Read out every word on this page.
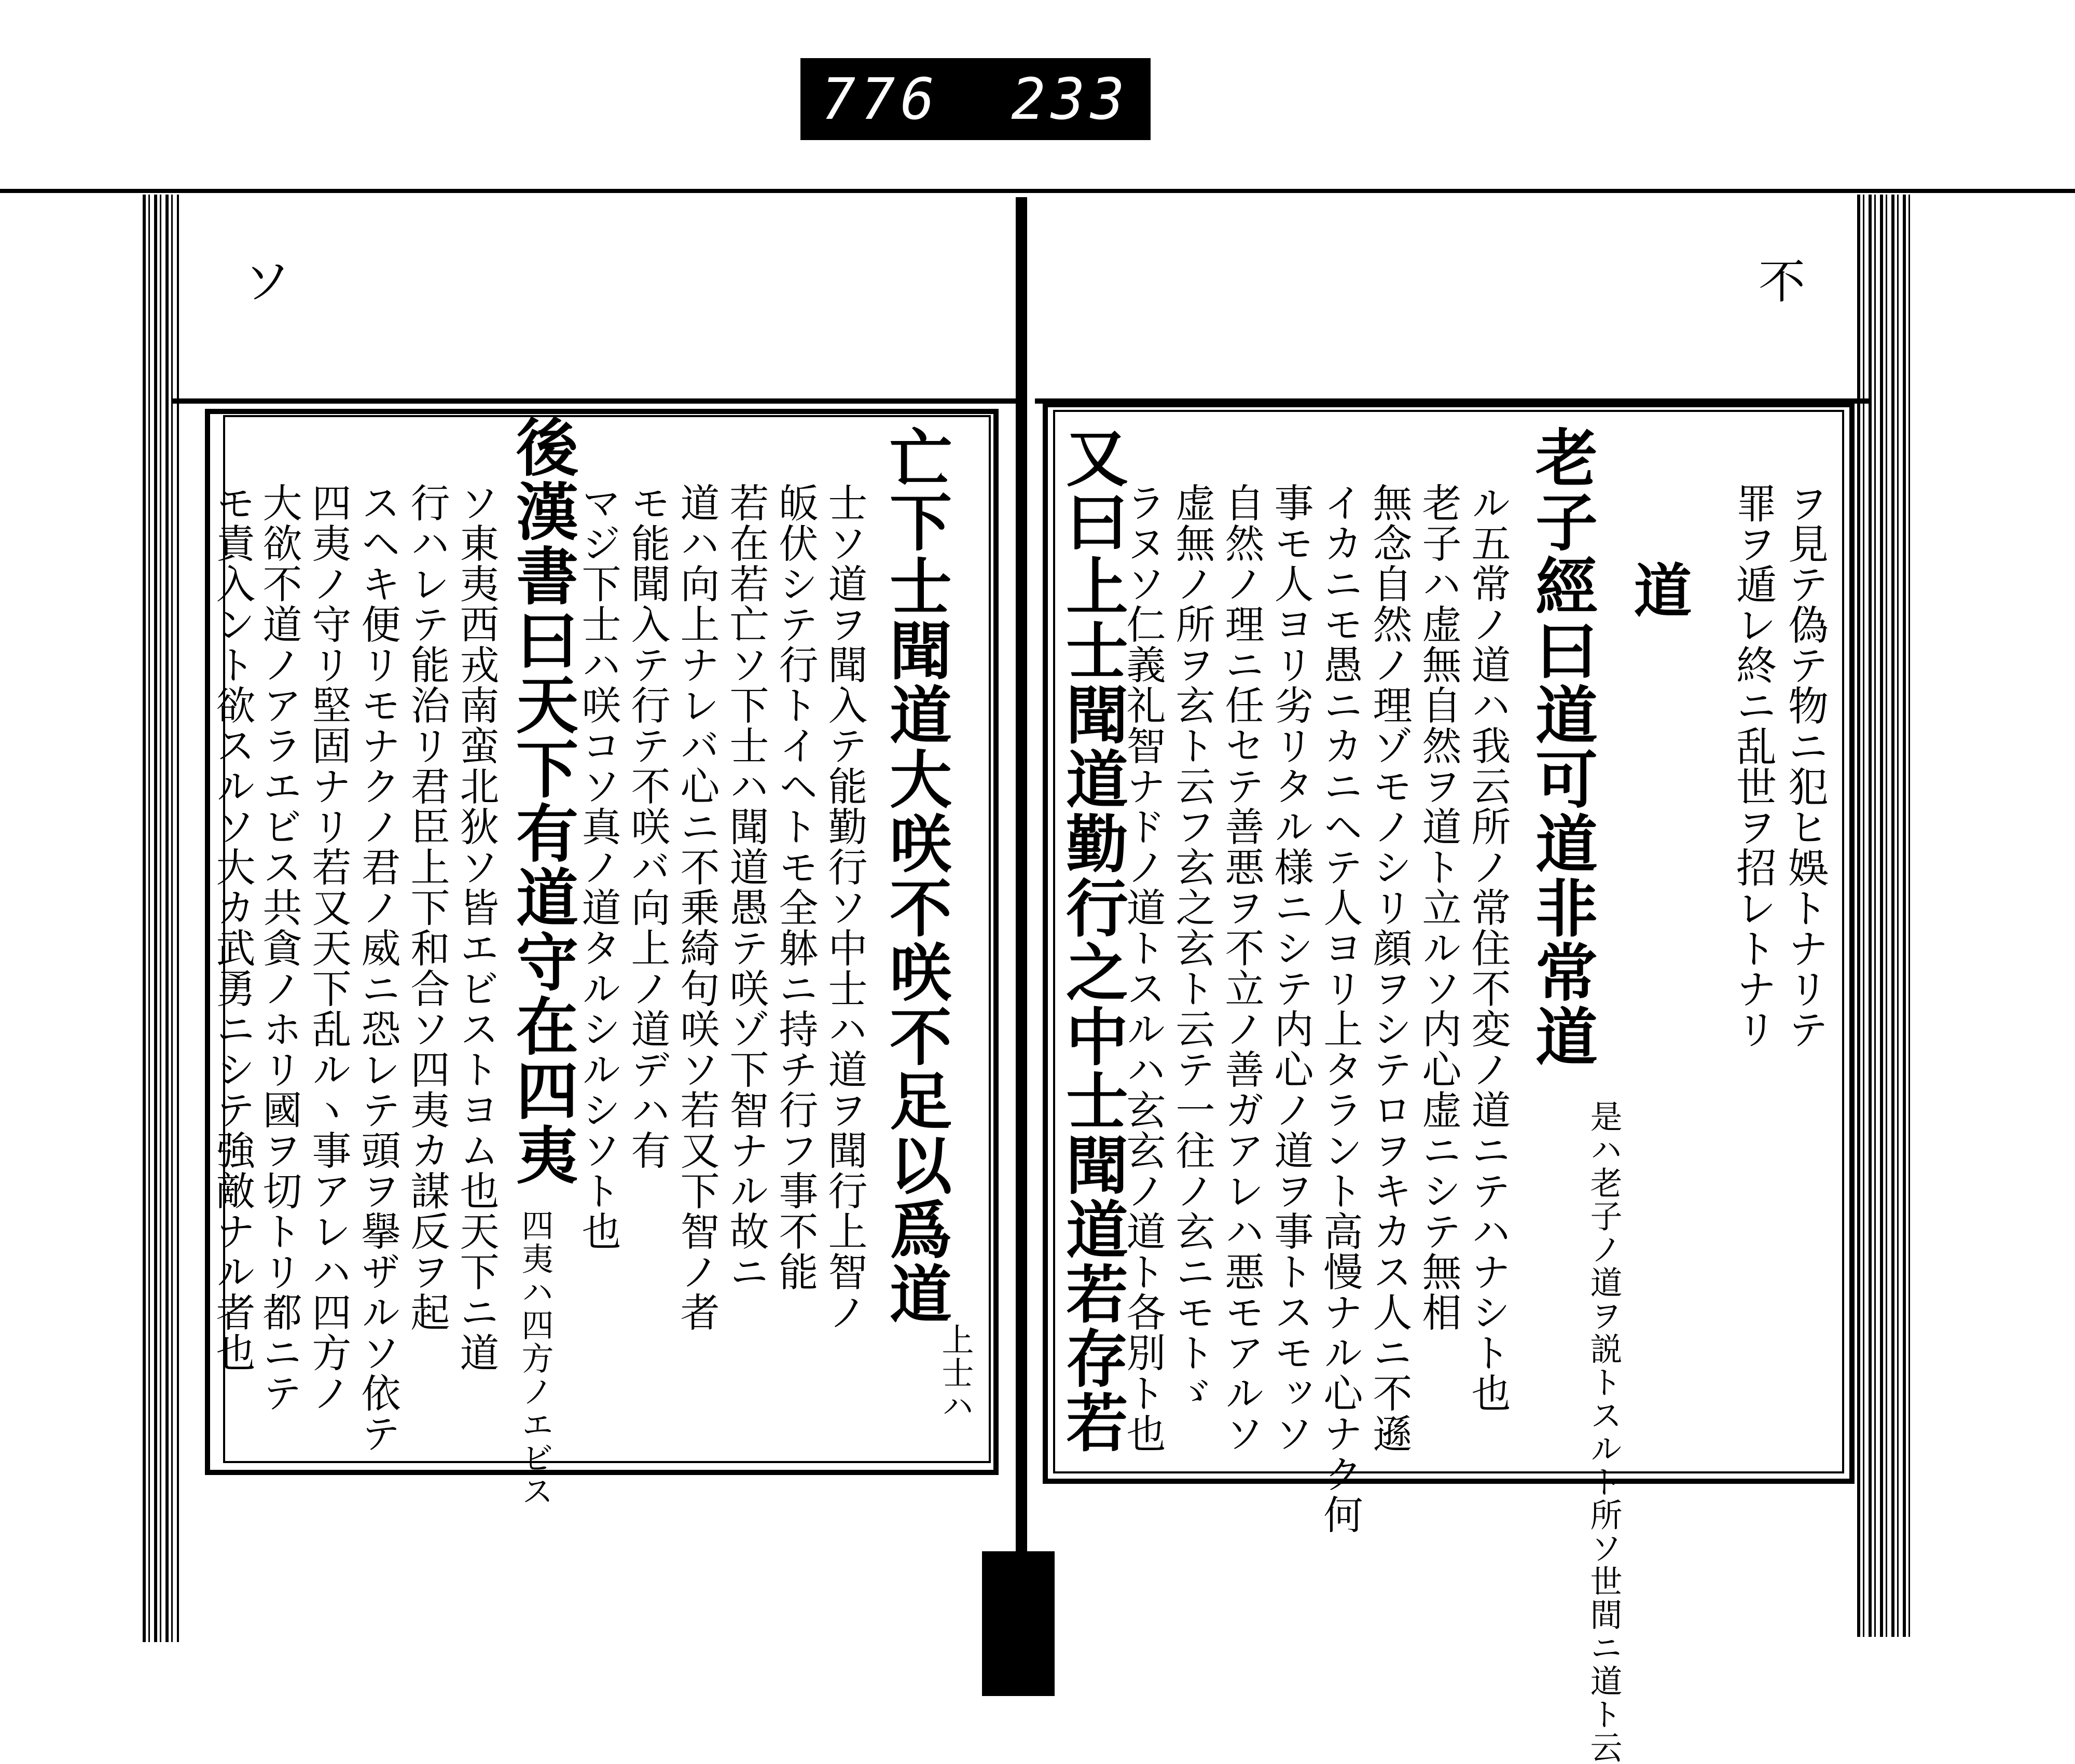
776 233
ソ	不
ヲ見テ偽テ物ニ犯ヒ娛トナリテ
罪ヲ遁レ終ニ乱世ヲ招レトナリ
道
老子經曰道可道非常道
是ハ老子ノ道ヲ説トスルト所ソ世間ニ道ト云
ル五常ノ道ハ我云所ノ常住不変ノ道ニテハナシト也
老子ハ虚無自然ヲ道ト立ルソ内心虚ニシテ無相
無念自然ノ理ゾモノシリ顔ヲシテロヲキカス人ニ不遜
イカニモ愚ニカニヘテ人ヨリ上タラント高慢ナル心ナク何
事モ人ヨリ劣リタル様ニシテ内心ノ道ヲ事トスモッソ
自然ノ理ニ任セテ善悪ヲ不立ノ善ガアレハ悪モアルソ
虚無ノ所ヲ玄ト云フ玄之玄ト云テ一往ノ玄ニモトゞ
ラヌソ仁義礼智ナドノ道トスルハ玄玄ノ道ト各別ト也
又曰上士聞道勤行之中士聞道若存若
亡下士聞道大咲不咲不足以爲道
上士ハ
士ソ道ヲ聞入テ能勤行ソ中士ハ道ヲ聞行上智ノ
皈伏シテ行トイヘトモ全躰ニ持チ行フ事不能
若在若亡ソ下士ハ聞道愚テ咲ゾ下智ナル故ニ
道ハ向上ナレバ心ニ不乗綺句咲ソ若又下智ノ者
モ能聞入テ行テ不咲バ向上ノ道デハ有
マジ下士ハ咲コソ真ノ道タルシルシソト也
後漢書曰天下有道守在四夷
四夷ハ四方ノエビス
ソ東夷西戎南蛮北狄ソ皆エビストヨム也天下ニ道
行ハレテ能治リ君臣上下和合ソ四夷カ謀反ヲ起
スヘキ便リモナクノ君ノ威ニ恐レテ頭ヲ擧ザルソ依テ
四夷ノ守リ堅固ナリ若又天下乱ルヽ事アレハ四方ノ
大欲不道ノアラエビス共貪ノホリ國ヲ切トリ都ニテ
モ責入ント欲スルソ大カ武勇ニシテ強敵ナル者也
